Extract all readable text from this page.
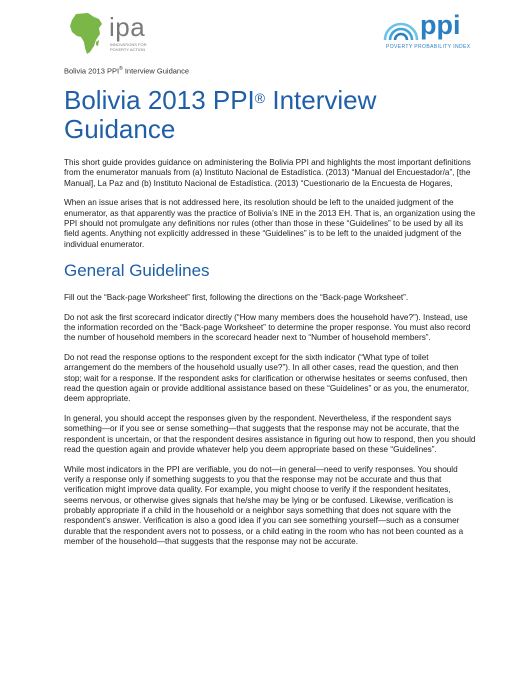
ipa
INNOVATIONS FOR
POVERTY ACTION
ppi
POVERTY PROBABILITY INDEX
Bolivia 2013 PPI® Interview Guidance
Bolivia 2013 PPI® Interview Guidance

This short guide provides guidance on administering the Bolivia PPI and highlights the most important definitions from the enumerator manuals from (a) Instituto Nacional de Estadística. (2013) “Manual del Encuestador/a”, [the Manual], La Paz and (b) Instituto Nacional de Estadística. (2013) “Cuestionario de la Encuesta de Hogares,

When an issue arises that is not addressed here, its resolution should be left to the unaided judgment of the enumerator, as that apparently was the practice of Bolivia’s INE in the 2013 EH. That is, an organization using the PPI should not promulgate any definitions nor rules (other than those in these “Guidelines” to be used by all its field agents. Anything not explicitly addressed in these “Guidelines” is to be left to the unaided judgment of the individual enumerator.

General Guidelines

Fill out the “Back-page Worksheet” first, following the directions on the “Back-page Worksheet”.

Do not ask the first scorecard indicator directly (“How many members does the household have?”). Instead, use the information recorded on the “Back-page Worksheet” to determine the proper response. You must also record the number of household members in the scorecard header next to “Number of household members”.

Do not read the response options to the respondent except for the sixth indicator (“What type of toilet arrangement do the members of the household usually use?”). In all other cases, read the question, and then stop; wait for a response. If the respondent asks for clarification or otherwise hesitates or seems confused, then read the question again or provide additional assistance based on these “Guidelines” or as you, the enumerator, deem appropriate.

In general, you should accept the responses given by the respondent. Nevertheless, if the respondent says something—or if you see or sense something—that suggests that the response may not be accurate, that the respondent is uncertain, or that the respondent desires assistance in figuring out how to respond, then you should read the question again and provide whatever help you deem appropriate based on these “Guidelines”.

While most indicators in the PPI are verifiable, you do not—in general—need to verify responses. You should verify a response only if something suggests to you that the response may not be accurate and thus that verification might improve data quality. For example, you might choose to verify if the respondent hesitates, seems nervous, or otherwise gives signals that he/she may be lying or be confused. Likewise, verification is probably appropriate if a child in the household or a neighbor says something that does not square with the respondent’s answer. Verification is also a good idea if you can see something yourself—such as a consumer durable that the respondent avers not to possess, or a child eating in the room who has not been counted as a member of the household—that suggests that the response may not be accurate.
